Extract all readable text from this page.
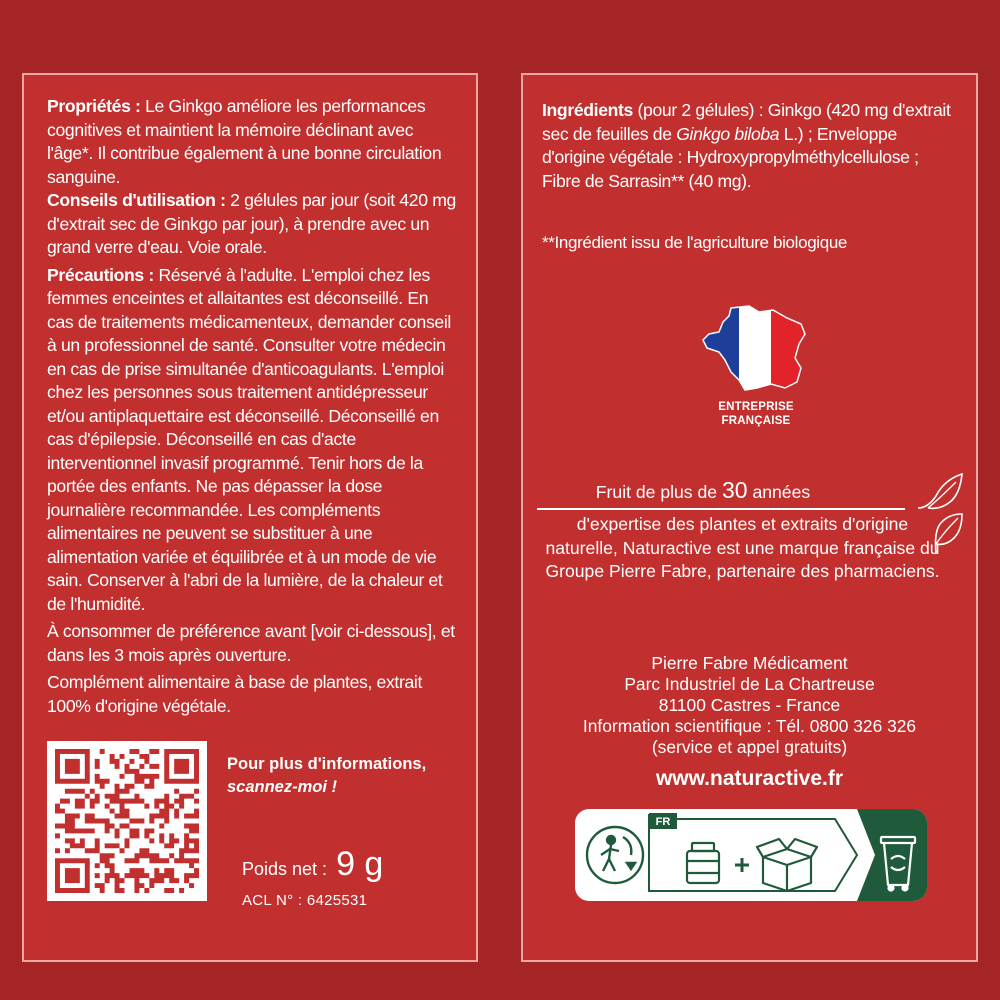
Propriétés : Le Ginkgo améliore les performances cognitives et maintient la mémoire déclinant avec l'âge*. Il contribue également à une bonne circulation sanguine.

Conseils d'utilisation : 2 gélules par jour (soit 420 mg d'extrait sec de Ginkgo par jour), à prendre avec un grand verre d'eau. Voie orale.

Précautions : Réservé à l'adulte. L'emploi chez les femmes enceintes et allaitantes est déconseillé. En cas de traitements médicamenteux, demander conseil à un professionnel de santé. Consulter votre médecin en cas de prise simultanée d'anticoagulants. L'emploi chez les personnes sous traitement antidépresseur et/ou antiplaquettaire est déconseillé. Déconseillé en cas d'épilepsie. Déconseillé en cas d'acte interventionnel invasif programmé. Tenir hors de la portée des enfants. Ne pas dépasser la dose journalière recommandée. Les compléments alimentaires ne peuvent se substituer à une alimentation variée et équilibrée et à un mode de vie sain. Conserver à l'abri de la lumière, de la chaleur et de l'humidité.

À consommer de préférence avant [voir ci-dessous], et dans les 3 mois après ouverture.

Complément alimentaire à base de plantes, extrait 100% d'origine végétale.

Pour plus d'informations,
scannez-moi !
Poids net : 9 g
ACL N° : 6425531

Ingrédients (pour 2 gélules) : Ginkgo (420 mg d'extrait sec de feuilles de Ginkgo biloba L.) ; Enveloppe d'origine végétale : Hydroxypropylméthylcellulose ; Fibre de Sarrasin** (40 mg).

**Ingrédient issu de l'agriculture biologique
ENTREPRISE
FRANÇAISE
Fruit de plus de 30 années
d'expertise des plantes et extraits d'origine naturelle, Naturactive est une marque française du Groupe Pierre Fabre, partenaire des pharmaciens.
Pierre Fabre Médicament
Parc Industriel de La Chartreuse
81100 Castres - France
Information scientifique : Tél. 0800 326 326
(service et appel gratuits)
www.naturactive.fr
FR
